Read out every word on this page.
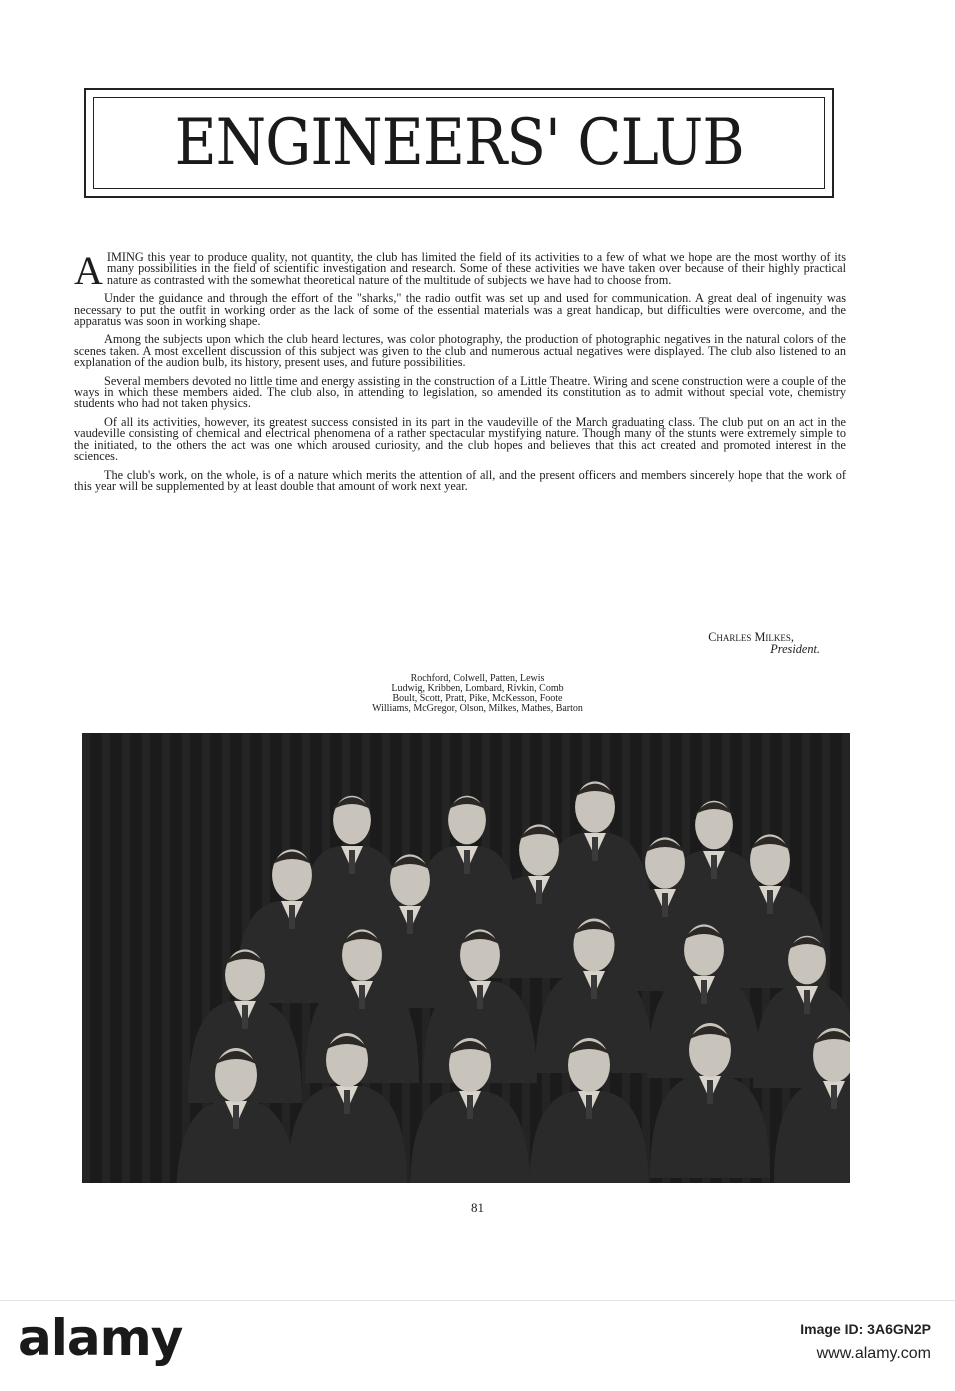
ENGINEERS' CLUB

AIMING this year to produce quality, not quantity, the club has limited the field of its activities to a few of what we hope are the most worthy of its many possibilities in the field of scientific investigation and research. Some of these activities we have taken over because of their highly practical nature as contrasted with the somewhat theoretical nature of the multitude of subjects we have had to choose from.

Under the guidance and through the effort of the "sharks," the radio outfit was set up and used for communication. A great deal of ingenuity was necessary to put the outfit in working order as the lack of some of the essential materials was a great handicap, but difficulties were overcome, and the apparatus was soon in working shape.

Among the subjects upon which the club heard lectures, was color photography, the production of photographic negatives in the natural colors of the scenes taken. A most excellent discussion of this subject was given to the club and numerous actual negatives were displayed. The club also listened to an explanation of the audion bulb, its history, present uses, and future possibilities.

Several members devoted no little time and energy assisting in the construction of a Little Theatre. Wiring and scene construction were a couple of the ways in which these members aided. The club also, in attending to legislation, so amended its constitution as to admit without special vote, chemistry students who had not taken physics.

Of all its activities, however, its greatest success consisted in its part in the vaudeville of the March graduating class. The club put on an act in the vaudeville consisting of chemical and electrical phenomena of a rather spectacular mystifying nature. Though many of the stunts were extremely simple to the initiated, to the others the act was one which aroused curiosity, and the club hopes and believes that this act created and promoted interest in the sciences.

The club's work, on the whole, is of a nature which merits the attention of all, and the present officers and members sincerely hope that the work of this year will be supplemented by at least double that amount of work next year.

Charles Milkes,
President.
Rochford, Colwell, Patten, Lewis
Ludwig, Kribben, Lombard, Rivkin, Comb
Boult, Scott, Pratt, Pike, McKesson, Foote
Williams, McGregor, Olson, Milkes, Mathes, Barton
81
alamy	Image ID: 3A6GN2P
www.alamy.com
